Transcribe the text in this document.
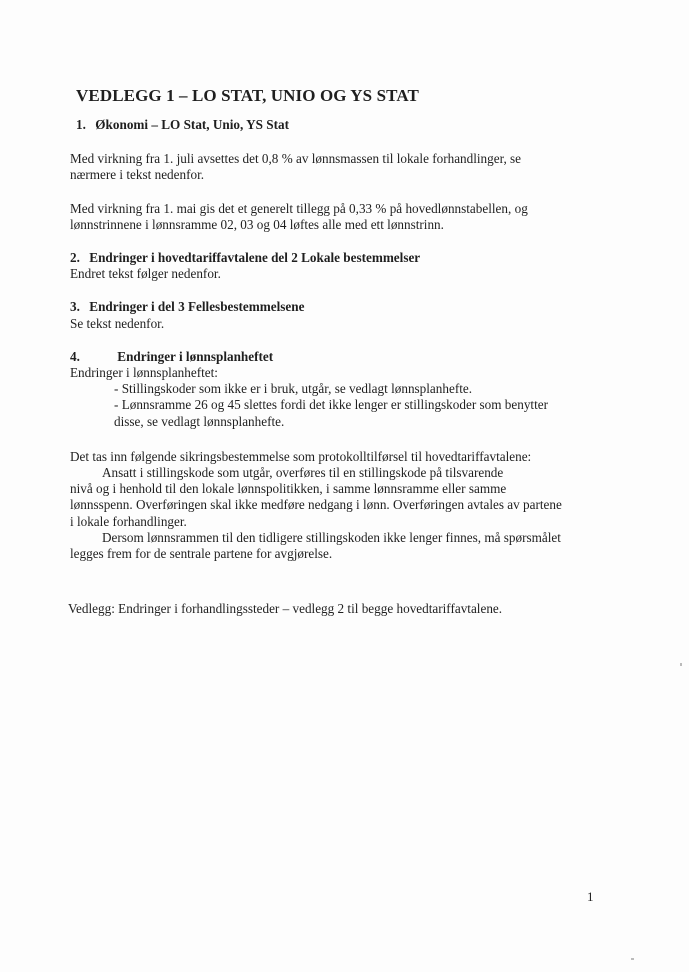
VEDLEGG 1 – LO STAT, UNIO OG YS STAT
1. Økonomi – LO Stat, Unio, YS Stat
Med virkning fra 1. juli avsettes det 0,8 % av lønnsmassen til lokale forhandlinger, se
nærmere i tekst nedenfor.
Med virkning fra 1. mai gis det et generelt tillegg på 0,33 % på hovedlønnstabellen, og
lønnstrinnene i lønnsramme 02, 03 og 04 løftes alle med ett lønnstrinn.
2. Endringer i hovedtariffavtalene del 2 Lokale bestemmelser
Endret tekst følger nedenfor.
3. Endringer i del 3 Fellesbestemmelsene
Se tekst nedenfor.
4.	Endringer i lønnsplanheftet
Endringer i lønnsplanheftet:
- Stillingskoder som ikke er i bruk, utgår, se vedlagt lønnsplanhefte.
- Lønnsramme 26 og 45 slettes fordi det ikke lenger er stillingskoder som benytter
disse, se vedlagt lønnsplanhefte.
Det tas inn følgende sikringsbestemmelse som protokolltilførsel til hovedtariffavtalene:
Ansatt i stillingskode som utgår, overføres til en stillingskode på tilsvarende
nivå og i henhold til den lokale lønnspolitikken, i samme lønnsramme eller samme
lønnsspenn. Overføringen skal ikke medføre nedgang i lønn. Overføringen avtales av partene
i lokale forhandlinger.
Dersom lønnsrammen til den tidligere stillingskoden ikke lenger finnes, må spørsmålet
legges frem for de sentrale partene for avgjørelse.
Vedlegg: Endringer i forhandlingssteder – vedlegg 2 til begge hovedtariffavtalene.
1
